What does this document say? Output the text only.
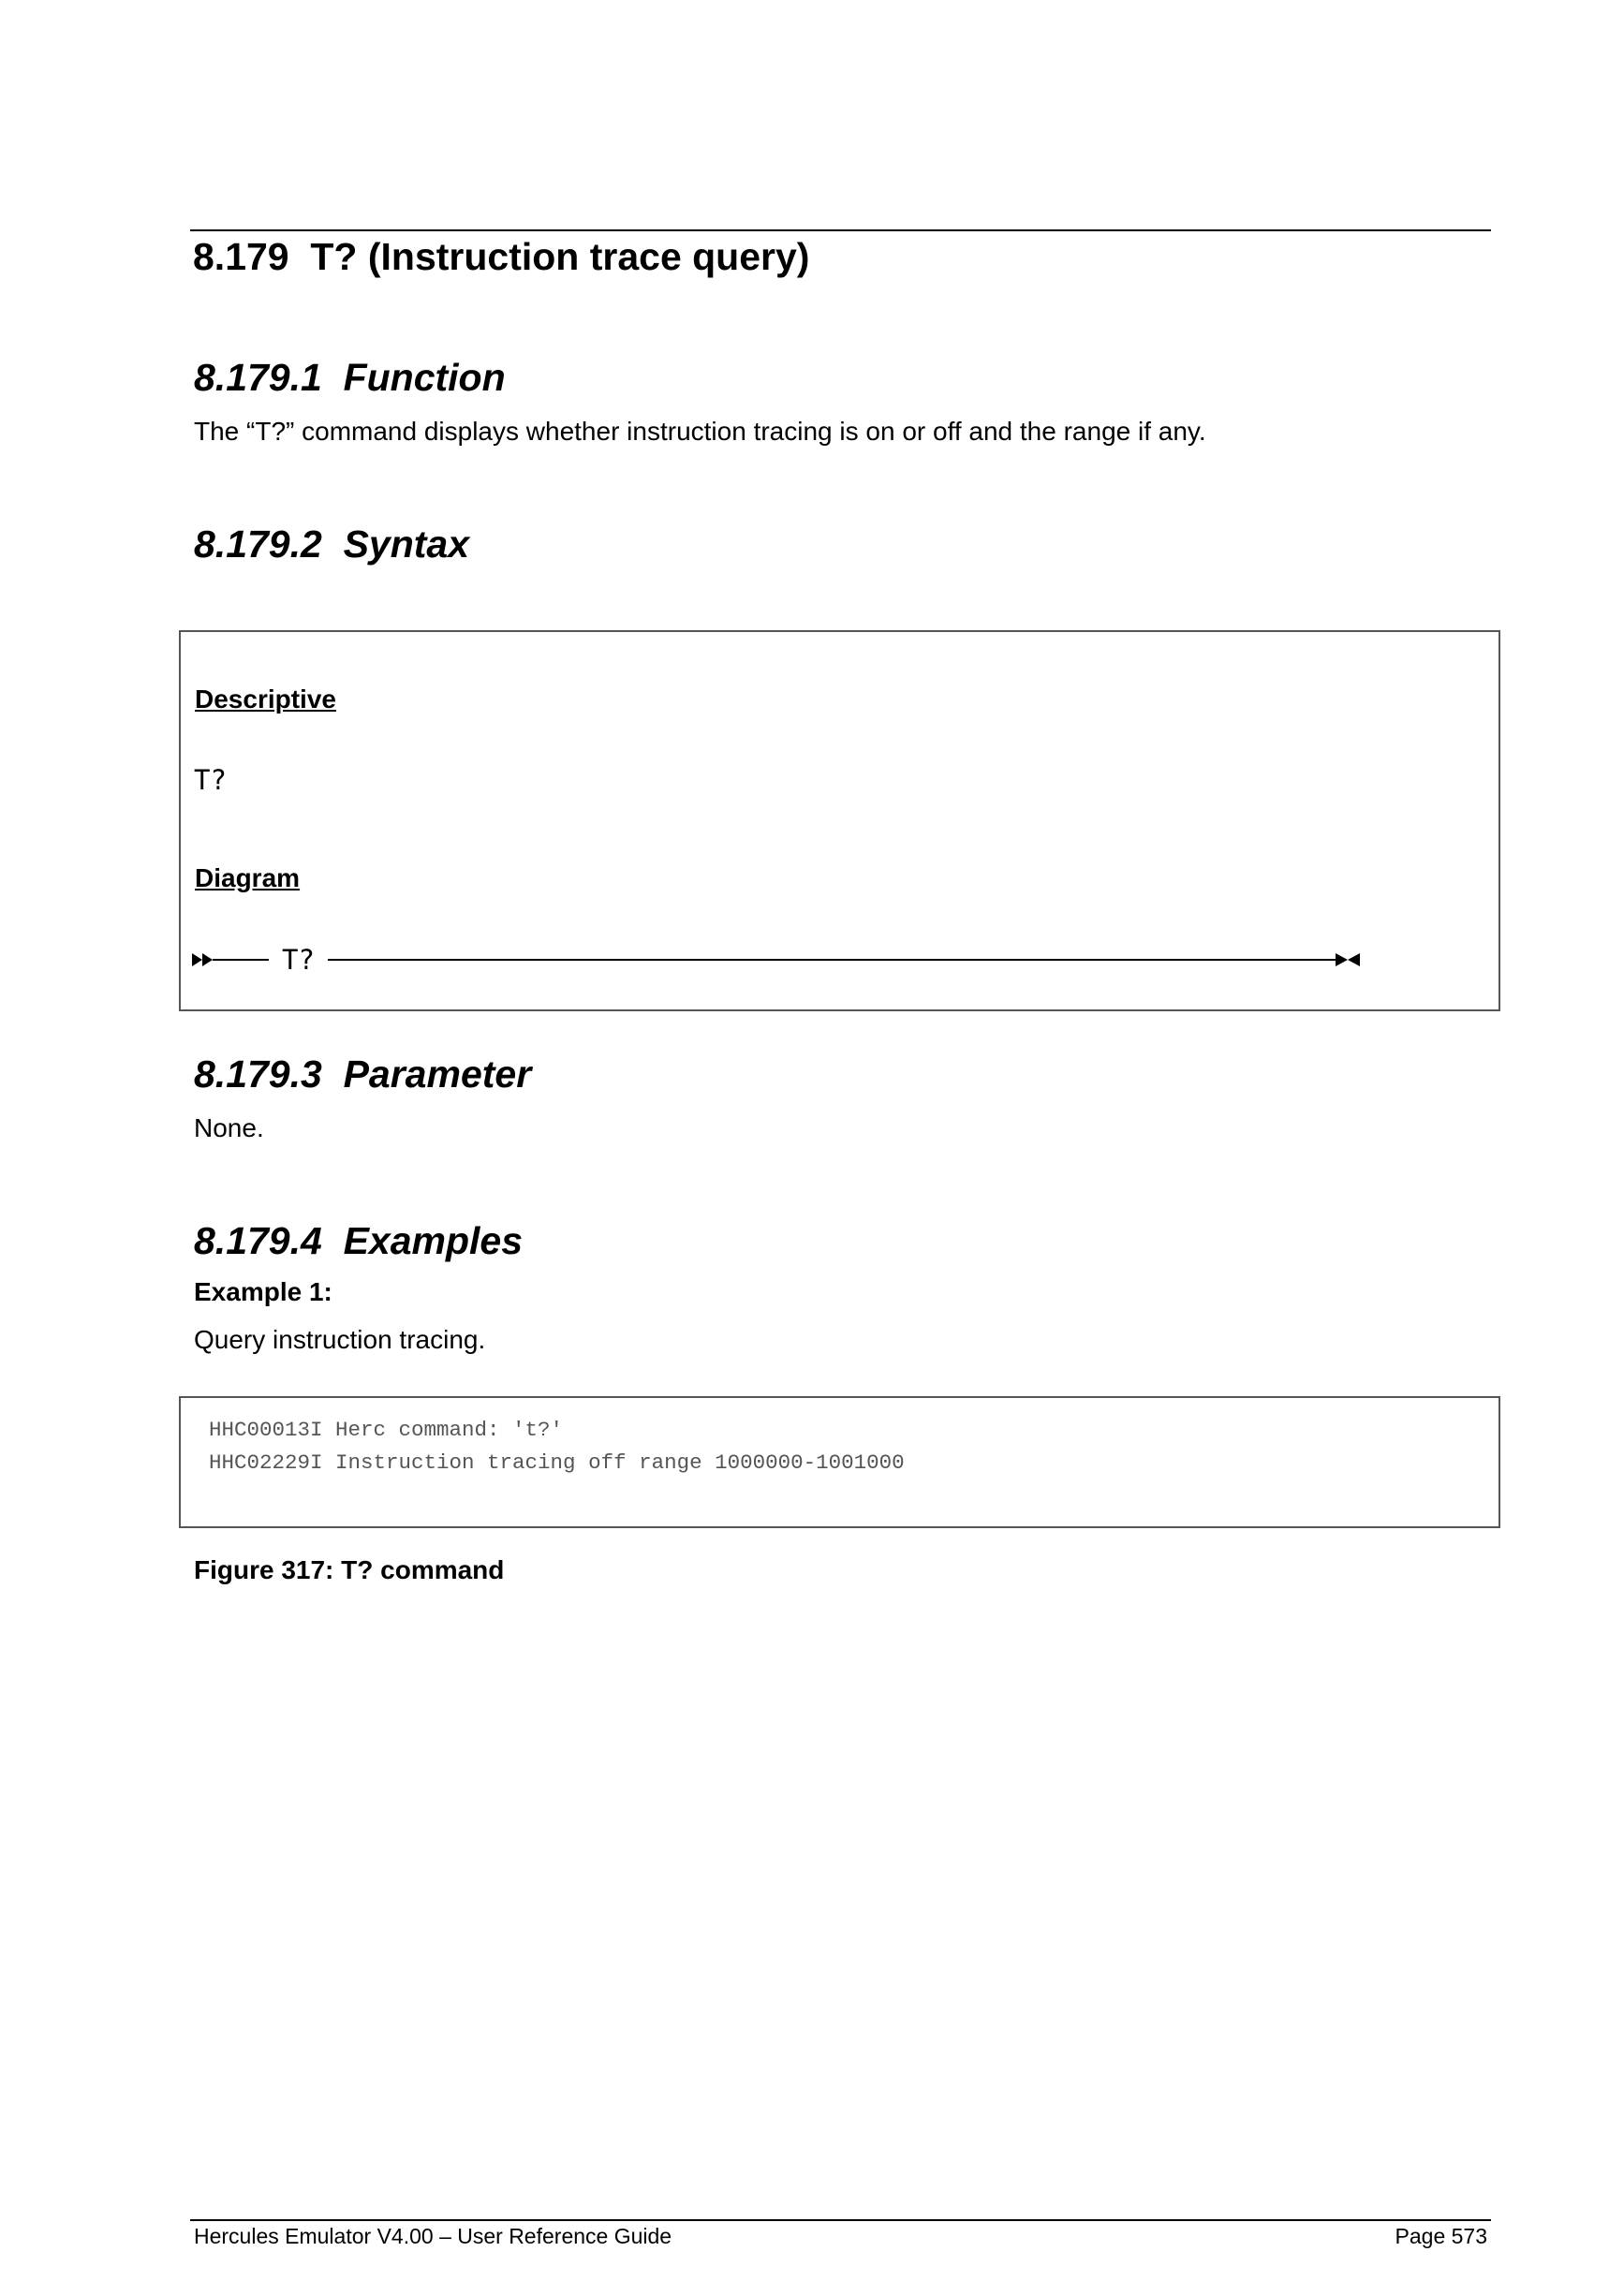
8.179  T? (Instruction trace query)
8.179.1  Function
The “T?” command displays whether instruction tracing is on or off and the range if any.
8.179.2  Syntax
Descriptive
T?
Diagram
T?
8.179.3  Parameter
None.
8.179.4  Examples
Example 1:
Query instruction tracing.
HHC00013I Herc command: 't?'
HHC02229I Instruction tracing off range 1000000-1001000
Figure 317: T? command
Hercules Emulator V4.00 – User Reference Guide	Page 573
